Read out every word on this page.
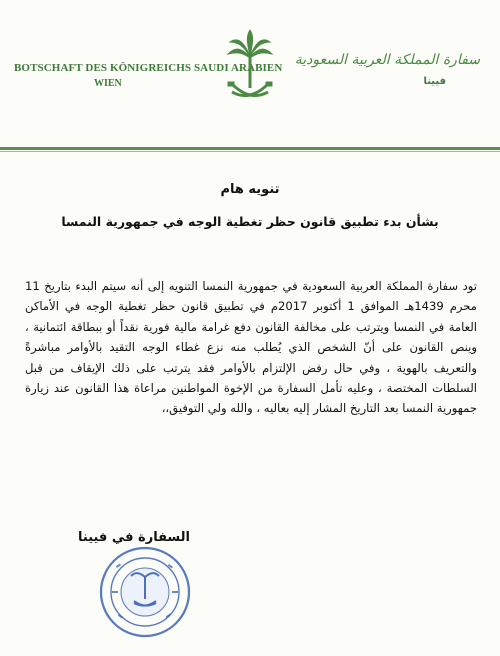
BOTSCHAFT DES KÖNIGREICHS SAUDI ARABIEN
WIEN
سفارة المملكة العربية السعودية
فيينا
تنويه هام
بشأن بدء تطبيق قانون حظر تغطية الوجه في جمهورية النمسا

تود سفارة المملكة العربية السعودية في جمهورية النمسا التنويه إلى أنه سيتم البدء بتاريخ 11 محرم 1439هـ الموافق 1 أكتوبر 2017م في تطبيق قانون حظر تغطية الوجه في الأماكن العامة في النمسا ويترتب على مخالفة القانون دفع غرامة مالية فورية نقداً أو ببطاقة ائتمانية ، وينص القانون على أنّ الشخص الذي يُطلب منه نزع غطاء الوجه التقيد بالأوامر مباشرةً والتعريف بالهوية ، وفي حال رفض الإلتزام بالأوامر فقد يترتب على ذلك الإيقاف من قبل السلطات المختصة ، وعليه تأمل السفارة من الإخوة المواطنين مراعاة هذا القانون عند زيارة جمهورية النمسا بعد التاريخ المشار إليه بعاليه ، والله ولي التوفيق،،

السفارة في فيينا
